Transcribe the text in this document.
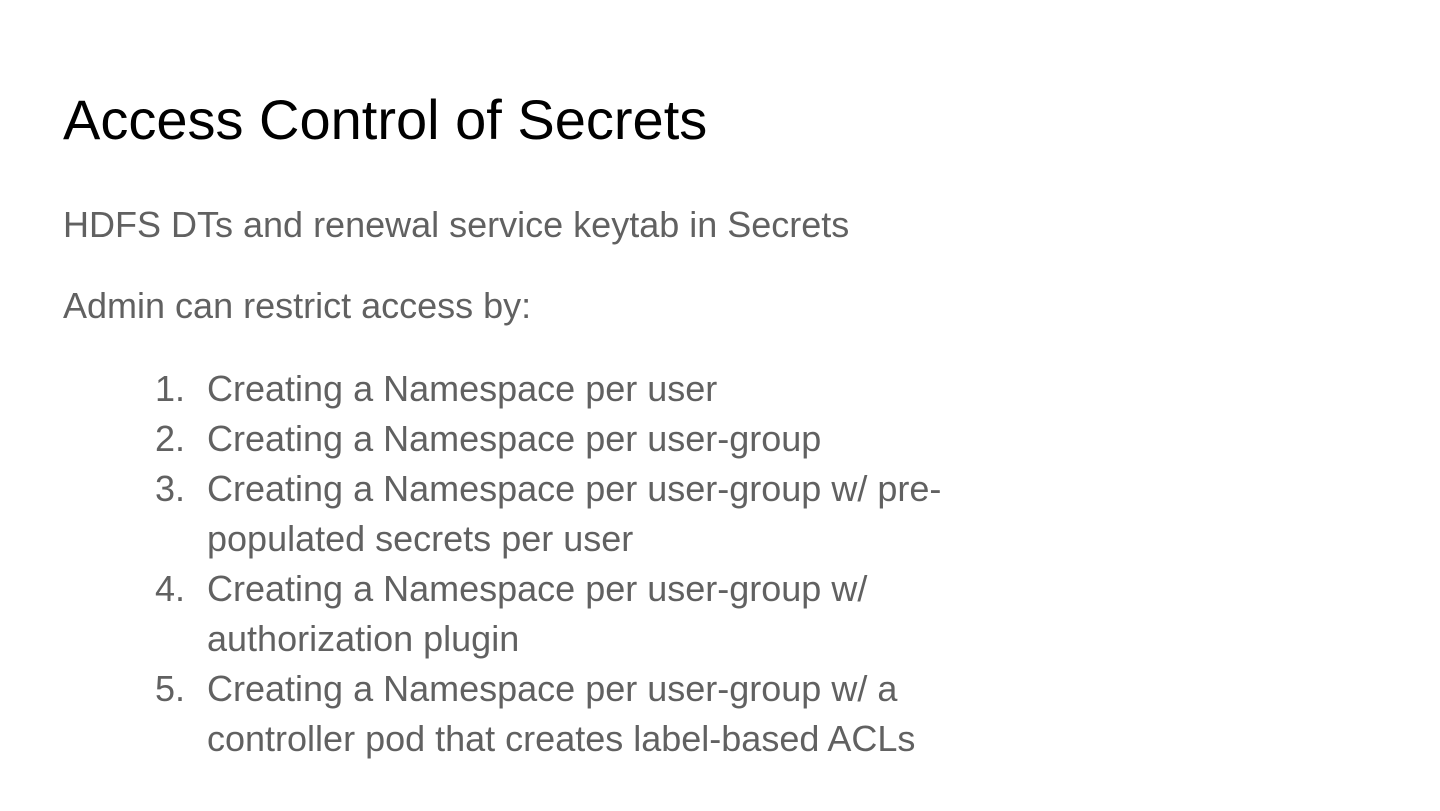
Access Control of Secrets

HDFS DTs and renewal service keytab in Secrets

Admin can restrict access by:

1. Creating a Namespace per user
2. Creating a Namespace per user-group
3. Creating a Namespace per user-group w/ pre-
populated secrets per user
4. Creating a Namespace per user-group w/
authorization plugin
5. Creating a Namespace per user-group w/ a
controller pod that creates label-based ACLs
